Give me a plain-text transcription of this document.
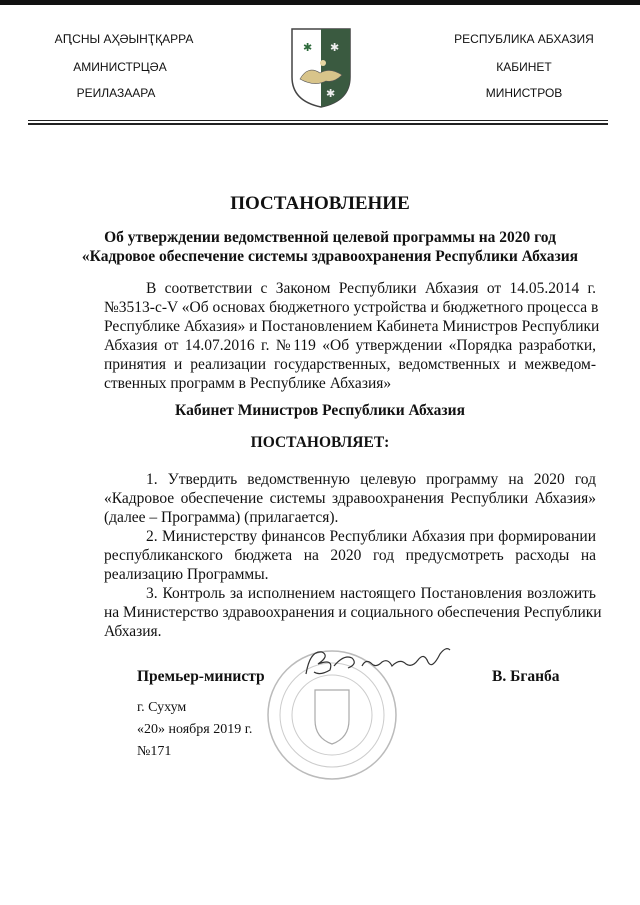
АԤСНЫ АҲӘЫНҬҚАРРА
АМИНИСТРЦӘА
РЕИЛАЗААРА
✱ ✱
✱
РЕСПУБЛИКА АБХАЗИЯ
КАБИНЕТ
МИНИСТРОВ
ПОСТАНОВЛЕНИЕ
Об утверждении ведомственной целевой программы на 2020 год
«Кадровое обеспечение системы здравоохранения Республики Абхазия
В соответствии с Законом Республики Абхазия от 14.05.2014 г.
№3513-с-V «Об основах бюджетного устройства и бюджетного процесса в
Республике Абхазия» и Постановлением Кабинета Министров Республики
Абхазия от 14.07.2016 г. №119 «Об утверждении «Порядка разработки,
принятия и реализации государственных, ведомственных и межведом-
ственных программ в Республике Абхазия»
Кабинет Министров Республики Абхазия
ПОСТАНОВЛЯЕТ:
1. Утвердить ведомственную целевую программу на 2020 год
«Кадровое обеспечение системы здравоохранения Республики Абхазия»
(далее – Программа) (прилагается).
2. Министерству финансов Республики Абхазия при формировании
республиканского бюджета на 2020 год предусмотреть расходы на
реализацию Программы.
3. Контроль за исполнением настоящего Постановления возложить
на Министерство здравоохранения и социального обеспечения Республики
Абхазия.
Премьер-министр	В. Бганба
г. Сухум
«20» ноября 2019 г.
№171
